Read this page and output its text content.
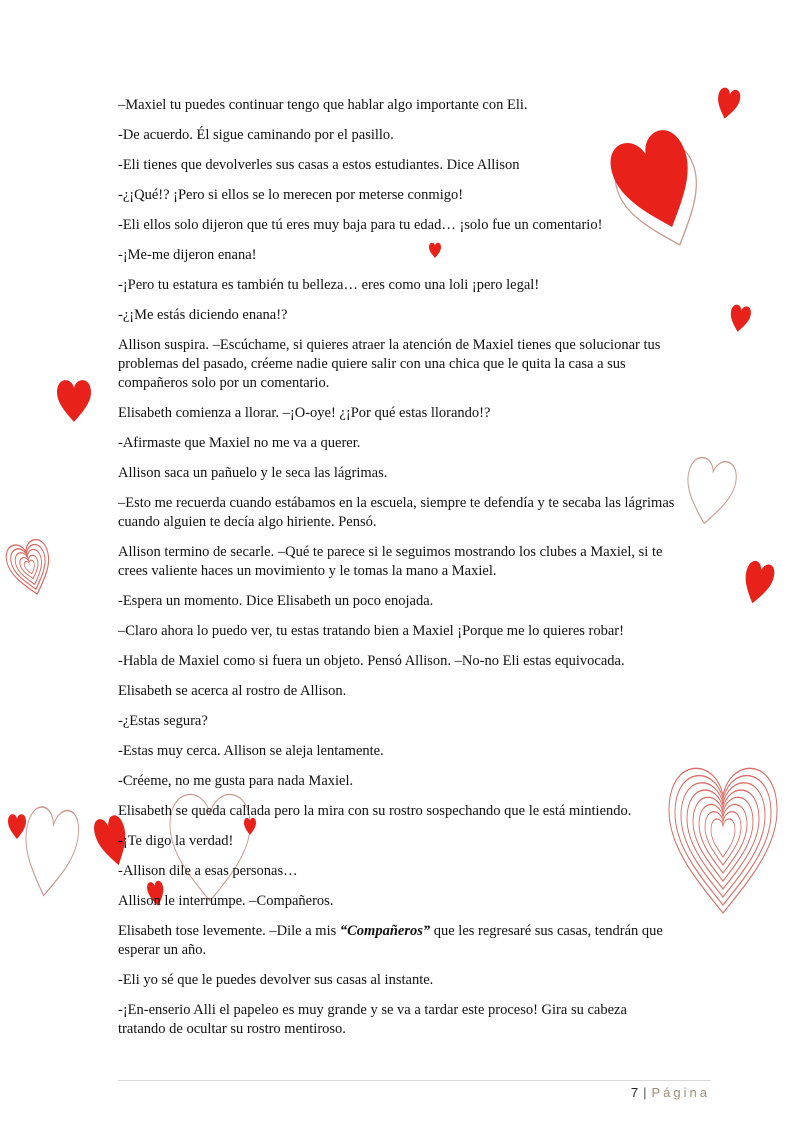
–Maxiel tu puedes continuar tengo que hablar algo importante con Eli.

-De acuerdo. Él sigue caminando por el pasillo.

-Eli tienes que devolverles sus casas a estos estudiantes. Dice Allison

-¿¡Qué!? ¡Pero si ellos se lo merecen por meterse conmigo!

-Eli ellos solo dijeron que tú eres muy baja para tu edad… ¡solo fue un comentario!

-¡Me-me dijeron enana!

-¡Pero tu estatura es también tu belleza… eres como una loli ¡pero legal!

-¿¡Me estás diciendo enana!?

Allison suspira. –Escúchame, si quieres atraer la atención de Maxiel tienes que solucionar tus problemas del pasado, créeme nadie quiere salir con una chica que le quita la casa a sus compañeros solo por un comentario.

Elisabeth comienza a llorar. –¡O-oye! ¿¡Por qué estas llorando!?

-Afirmaste que Maxiel no me va a querer.

Allison saca un pañuelo y le seca las lágrimas.

–Esto me recuerda cuando estábamos en la escuela, siempre te defendía y te secaba las lágrimas cuando alguien te decía algo hiriente. Pensó.

Allison termino de secarle. –Qué te parece si le seguimos mostrando los clubes a Maxiel, si te crees valiente haces un movimiento y le tomas la mano a Maxiel.

-Espera un momento. Dice Elisabeth un poco enojada.

–Claro ahora lo puedo ver, tu estas tratando bien a Maxiel ¡Porque me lo quieres robar!

-Habla de Maxiel como si fuera un objeto. Pensó Allison. –No-no Eli estas equivocada.

Elisabeth se acerca al rostro de Allison.

-¿Estas segura?

-Estas muy cerca. Allison se aleja lentamente.

-Créeme, no me gusta para nada Maxiel.

Elisabeth se queda callada pero la mira con su rostro sospechando que le está mintiendo.

-¡Te digo la verdad!

-Allison dile a esas personas…

Allison le interrumpe. –Compañeros.

Elisabeth tose levemente. –Dile a mis “Compañeros” que les regresaré sus casas, tendrán que esperar un año.

-Eli yo sé que le puedes devolver sus casas al instante.

-¡En-enserio Alli el papeleo es muy grande y se va a tardar este proceso! Gira su cabeza tratando de ocultar su rostro mentiroso.

7 | Página
